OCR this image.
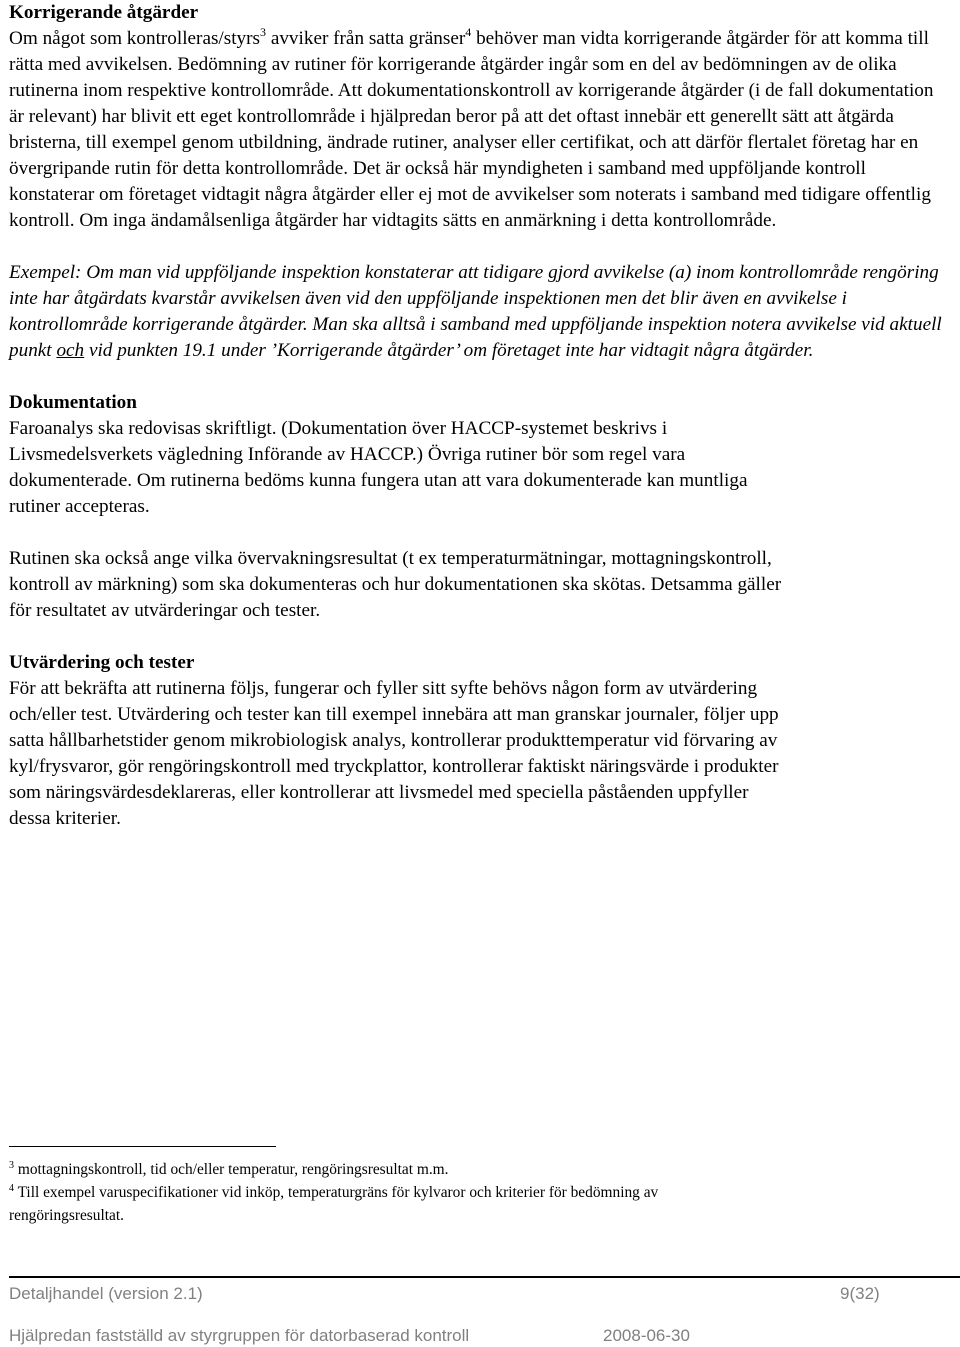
Korrigerande åtgärder

Om något som kontrolleras/styrs$^3$ avviker från satta gränser$^4$ behöver man vidta korrigerande åtgärder för att komma till rätta med avvikelsen. Bedömning av rutiner för korrigerande åtgärder ingår som en del av bedömningen av de olika rutinerna inom respektive kontrollområde. Att dokumentationskontroll av korrigerande åtgärder (i de fall dokumentation är relevant) har blivit ett eget kontrollområde i hjälpredan beror på att det oftast innebär ett generellt sätt att åtgärda bristerna, till exempel genom utbildning, ändrade rutiner, analyser eller certifikat, och att därför flertalet företag har en övergripande rutin för detta kontrollområde. Det är också här myndigheten i samband med uppföljande kontroll konstaterar om företaget vidtagit några åtgärder eller ej mot de avvikelser som noterats i samband med tidigare offentlig kontroll. Om inga ändamålsenliga åtgärder har vidtagits sätts en anmärkning i detta kontrollområde.

Exempel: Om man vid uppföljande inspektion konstaterar att tidigare gjord avvikelse (a) inom kontrollområde rengöring inte har åtgärdats kvarstår avvikelsen även vid den uppföljande inspektionen men det blir även en avvikelse i kontrollområde korrigerande åtgärder. Man ska alltså i samband med uppföljande inspektion notera avvikelse vid aktuell punkt och vid punkten 19.1 under ’Korrigerande åtgärder’ om företaget inte har vidtagit några åtgärder.

Dokumentation

Faroanalys ska redovisas skriftligt. (Dokumentation över HACCP-systemet beskrivs i Livsmedelsverkets vägledning Införande av HACCP.) Övriga rutiner bör som regel vara dokumenterade. Om rutinerna bedöms kunna fungera utan att vara dokumenterade kan muntliga rutiner accepteras.

Rutinen ska också ange vilka övervakningsresultat (t ex temperaturmätningar, mottagningskontroll, kontroll av märkning) som ska dokumenteras och hur dokumentationen ska skötas. Detsamma gäller för resultatet av utvärderingar och tester.

Utvärdering och tester

För att bekräfta att rutinerna följs, fungerar och fyller sitt syfte behövs någon form av utvärdering och/eller test. Utvärdering och tester kan till exempel innebära att man granskar journaler, följer upp satta hållbarhetstider genom mikrobiologisk analys, kontrollerar produkttemperatur vid förvaring av kyl/frysvaror, gör rengöringskontroll med tryckplattor, kontrollerar faktiskt näringsvärde i produkter som näringsvärdesdeklareras, eller kontrollerar att livsmedel med speciella påståenden uppfyller dessa kriterier.

$^3$ mottagningskontroll, tid och/eller temperatur, rengöringsresultat m.m.

$^4$ Till exempel varuspecifikationer vid inköp, temperaturgräns för kylvaror och kriterier för bedömning av rengöringsresultat.

Detaljhandel (version 2.1)	9(32)
Hjälpredan fastställd av styrgruppen för datorbaserad kontroll	2008-06-30
